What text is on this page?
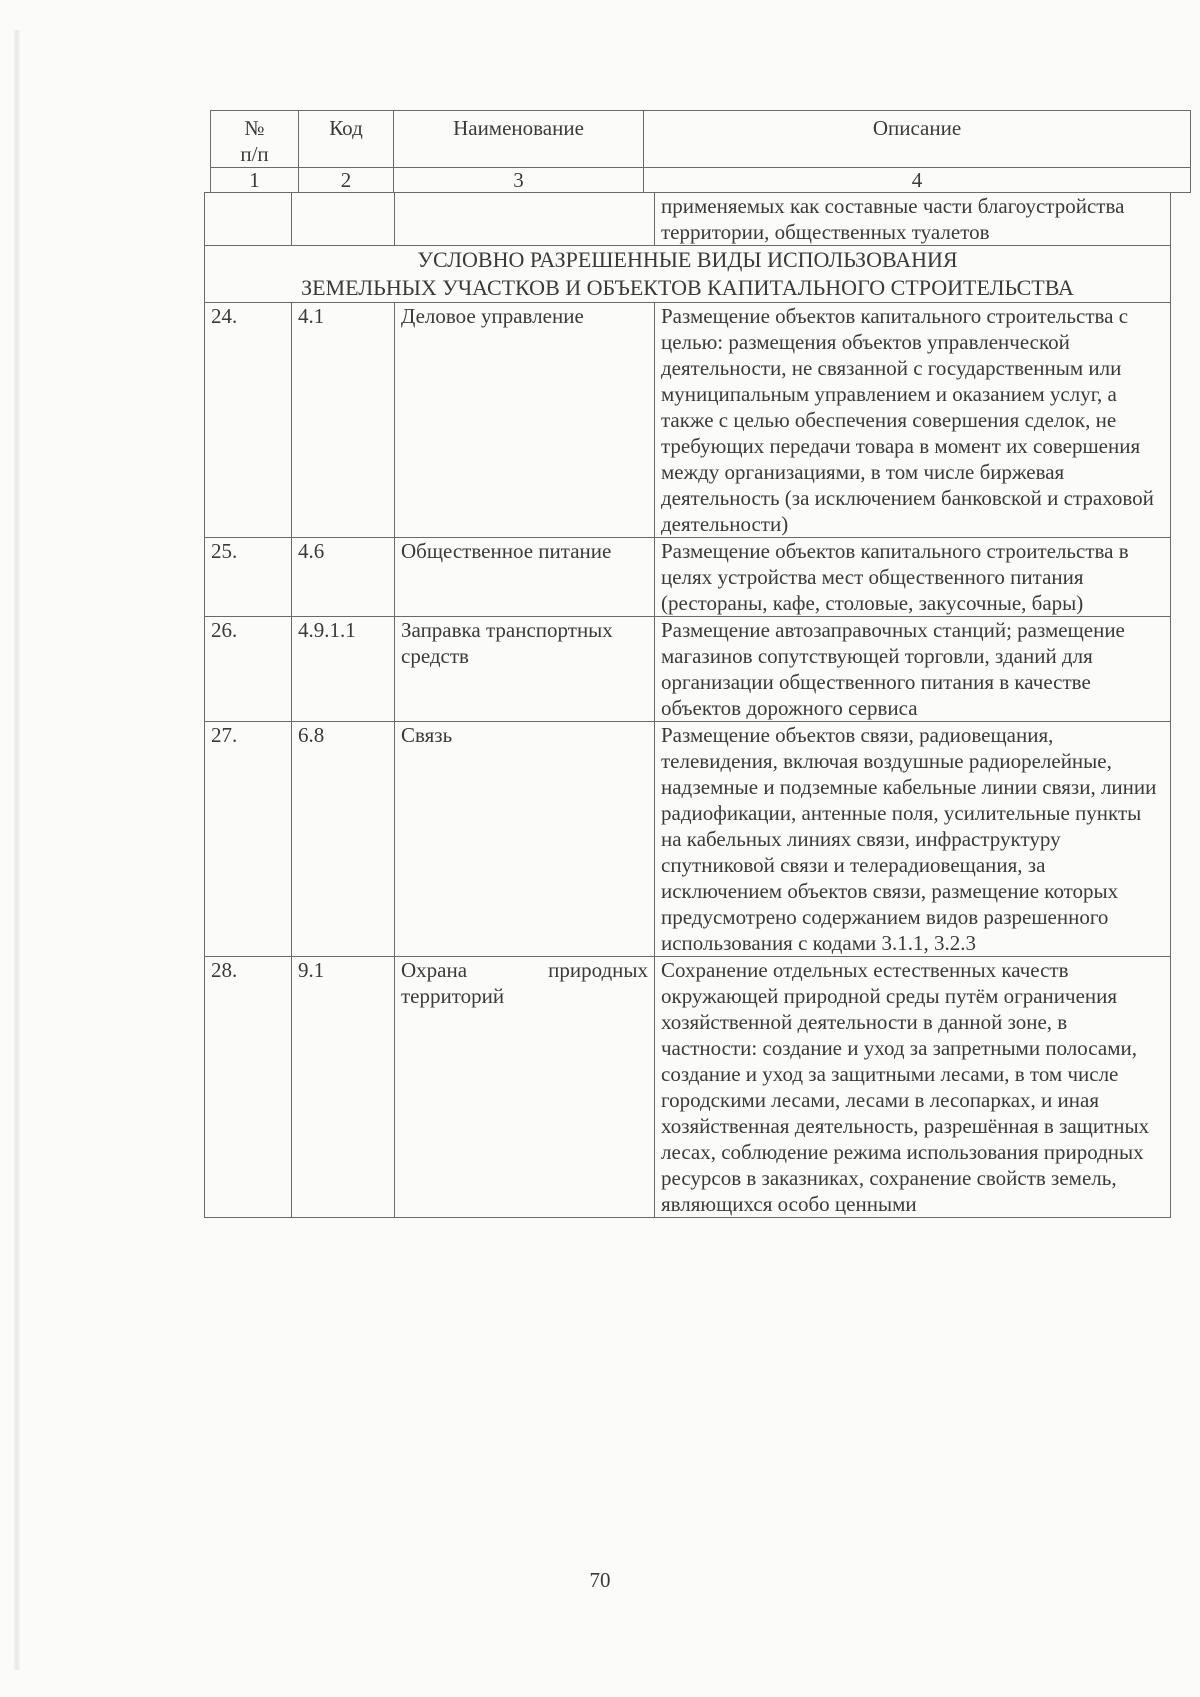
№
п/п	Код	Наименование	Описание
1	2	3	4
			применяемых как составные части благоустройства территории, общественных туалетов

УСЛОВНО РАЗРЕШЕННЫЕ ВИДЫ ИСПОЛЬЗОВАНИЯ
ЗЕМЕЛЬНЫХ УЧАСТКОВ И ОБЪЕКТОВ КАПИТАЛЬНОГО СТРОИТЕЛЬСТВА			

24.	4.1	Деловое управление	Размещение объектов капитального строительства с целью: размещения объектов управленческой деятельности, не связанной с государственным или муниципальным управлением и оказанием услуг, а также с целью обеспечения совершения сделок, не требующих передачи товара в момент их совершения между организациями, в том числе биржевая деятельность (за исключением банковской и страховой деятельности)
25.	4.6	Общественное питание	Размещение объектов капитального строительства в целях устройства мест общественного питания (рестораны, кафе, столовые, закусочные, бары)
26.	4.9.1.1	Заправка транспортных средств	Размещение автозаправочных станций; размещение магазинов сопутствующей торговли, зданий для организации общественного питания в качестве объектов дорожного сервиса
27.	6.8	Связь	Размещение объектов связи, радиовещания, телевидения, включая воздушные радиорелейные, надземные и подземные кабельные линии связи, линии радиофикации, антенные поля, усилительные пункты на кабельных линиях связи, инфраструктуру спутниковой связи и телерадиовещания, за исключением объектов связи, размещение которых предусмотрено содержанием видов разрешенного использования с кодами 3.1.1, 3.2.3
28.	9.1	Охрана природных территорий	Сохранение отдельных естественных качеств окружающей природной среды путём ограничения хозяйственной деятельности в данной зоне, в частности: создание и уход за запретными полосами, создание и уход за защитными лесами, в том числе городскими лесами, лесами в лесопарках, и иная хозяйственная деятельность, разрешённая в защитных лесах, соблюдение режима использования природных ресурсов в заказниках, сохранение свойств земель, являющихся особо ценными
70
